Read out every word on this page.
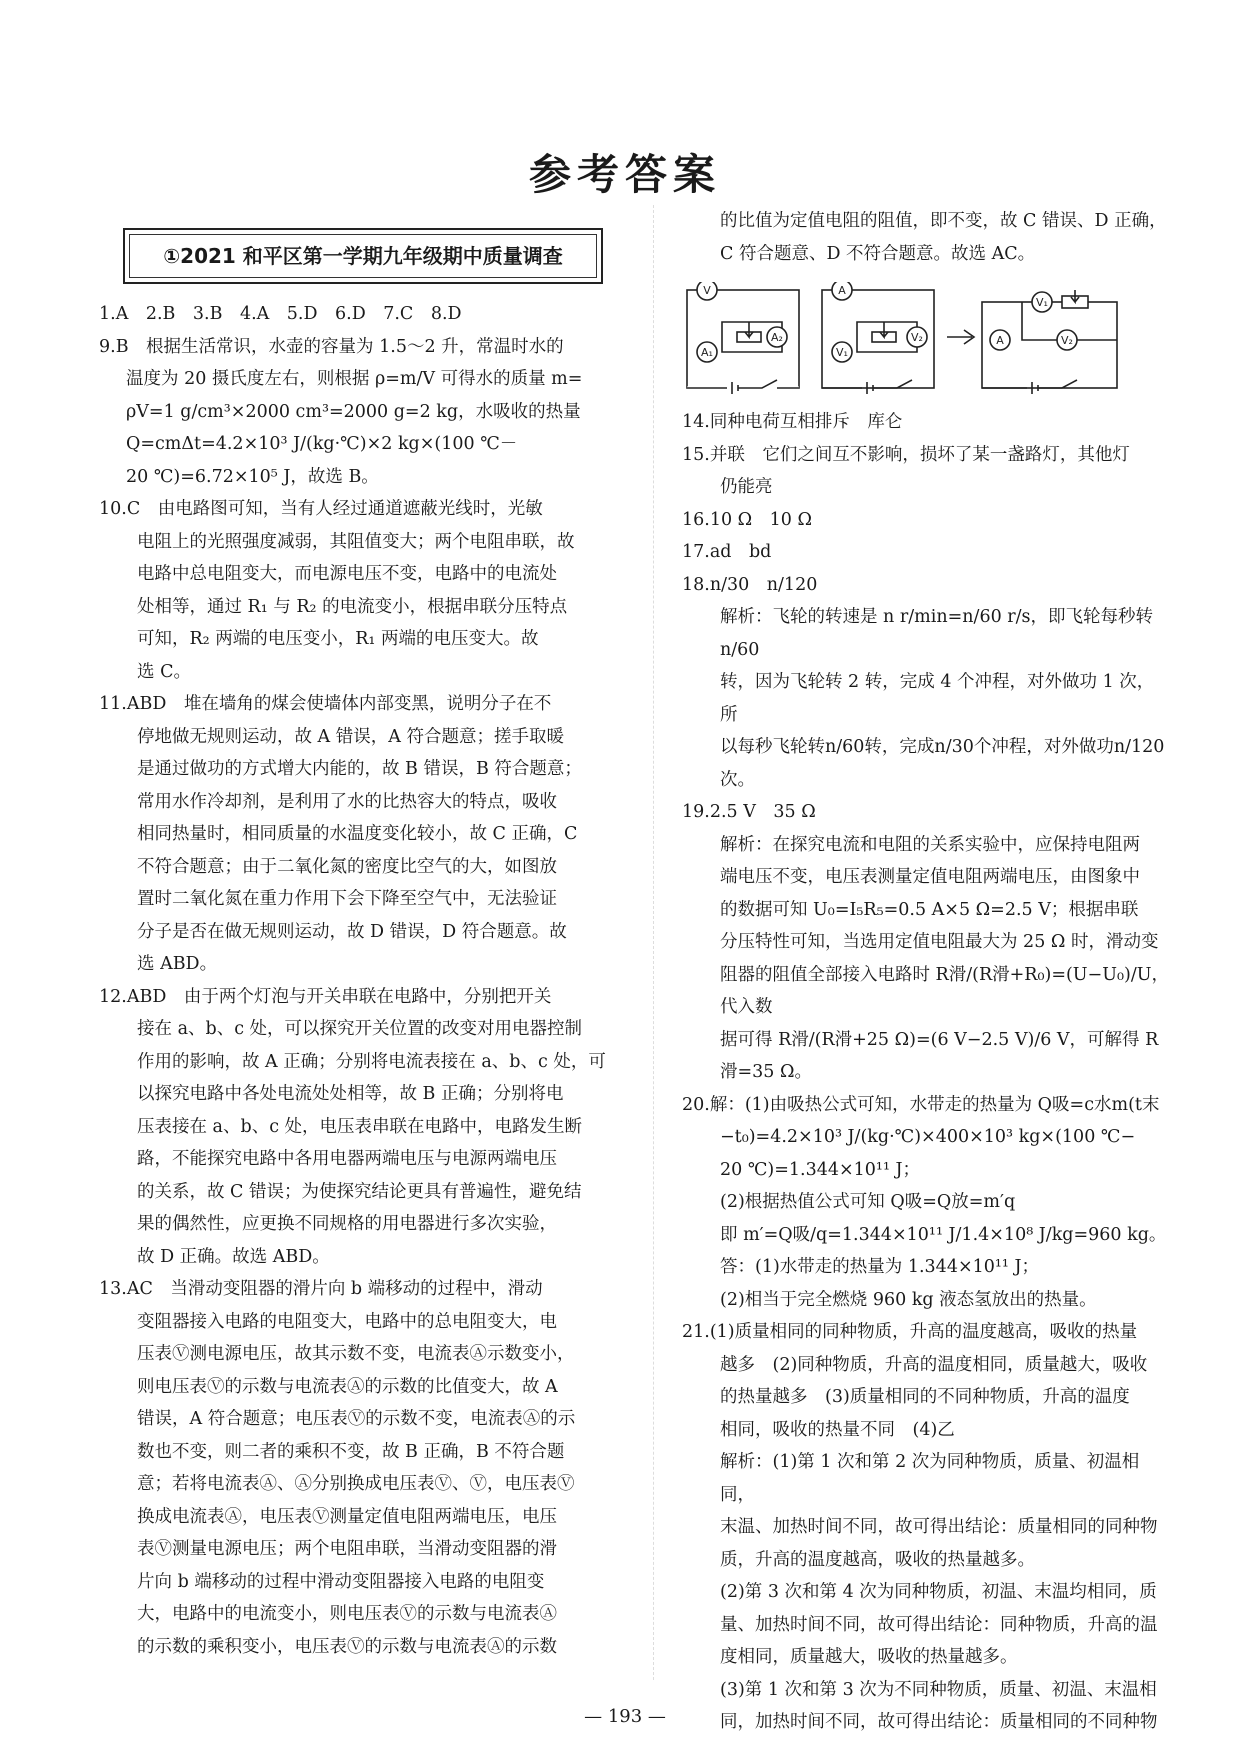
参考答案
①2021 和平区第一学期九年级期中质量调查
1.A　2.B　3.B　4.A　5.D　6.D　7.C　8.D
9.B　根据生活常识，水壶的容量为 1.5～2 升，常温时水的
温度为 20 摄氏度左右，则根据 ρ=m/V 可得水的质量 m=
ρV=1 g/cm³×2000 cm³=2000 g=2 kg，水吸收的热量
Q=cmΔt=4.2×10³ J/(kg·℃)×2 kg×(100 ℃－
20 ℃)=6.72×10⁵ J，故选 B。
10.C　由电路图可知，当有人经过通道遮蔽光线时，光敏
电阻上的光照强度减弱，其阻值变大；两个电阻串联，故
电路中总电阻变大，而电源电压不变，电路中的电流处
处相等，通过 R₁ 与 R₂ 的电流变小，根据串联分压特点
可知，R₂ 两端的电压变小，R₁ 两端的电压变大。故
选 C。
11.ABD　堆在墙角的煤会使墙体内部变黑，说明分子在不
停地做无规则运动，故 A 错误，A 符合题意；搓手取暖
是通过做功的方式增大内能的，故 B 错误，B 符合题意；
常用水作冷却剂，是利用了水的比热容大的特点，吸收
相同热量时，相同质量的水温度变化较小，故 C 正确，C
不符合题意；由于二氧化氮的密度比空气的大，如图放
置时二氧化氮在重力作用下会下降至空气中，无法验证
分子是否在做无规则运动，故 D 错误，D 符合题意。故
选 ABD。
12.ABD　由于两个灯泡与开关串联在电路中，分别把开关
接在 a、b、c 处，可以探究开关位置的改变对用电器控制
作用的影响，故 A 正确；分别将电流表接在 a、b、c 处，可
以探究电路中各处电流处处相等，故 B 正确；分别将电
压表接在 a、b、c 处，电压表串联在电路中，电路发生断
路，不能探究电路中各用电器两端电压与电源两端电压
的关系，故 C 错误；为使探究结论更具有普遍性，避免结
果的偶然性，应更换不同规格的用电器进行多次实验，
故 D 正确。故选 ABD。
13.AC　当滑动变阻器的滑片向 b 端移动的过程中，滑动
变阻器接入电路的电阻变大，电路中的总电阻变大，电
压表Ⓥ测电源电压，故其示数不变，电流表Ⓐ示数变小，
则电压表Ⓥ的示数与电流表Ⓐ的示数的比值变大，故 A
错误，A 符合题意；电压表Ⓥ的示数不变，电流表Ⓐ的示
数也不变，则二者的乘积不变，故 B 正确，B 不符合题
意；若将电流表Ⓐ、Ⓐ分别换成电压表Ⓥ、Ⓥ，电压表Ⓥ
换成电流表Ⓐ，电压表Ⓥ测量定值电阻两端电压，电压
表Ⓥ测量电源电压；两个电阻串联，当滑动变阻器的滑
片向 b 端移动的过程中滑动变阻器接入电路的电阻变
大，电路中的电流变小，则电压表Ⓥ的示数与电流表Ⓐ
的示数的乘积变小，电压表Ⓥ的示数与电流表Ⓐ的示数
的比值为定值电阻的阻值，即不变，故 C 错误、D 正确，
C 符合题意、D 不符合题意。故选 AC。
V
A₂
A₁
A
V₁
V₂	A
V₁
V₂
14.同种电荷互相排斥　库仑
15.并联　它们之间互不影响，损坏了某一盏路灯，其他灯
仍能亮
16.10 Ω　10 Ω
17.ad　bd
18.n/30　n/120
解析：飞轮的转速是 n r/min=n/60 r/s，即飞轮每秒转n/60
转，因为飞轮转 2 转，完成 4 个冲程，对外做功 1 次，所
以每秒飞轮转n/60转，完成n/30个冲程，对外做功n/120次。
19.2.5 V　35 Ω
解析：在探究电流和电阻的关系实验中，应保持电阻两
端电压不变，电压表测量定值电阻两端电压，由图象中
的数据可知 U₀=I₅R₅=0.5 A×5 Ω=2.5 V；根据串联
分压特性可知，当选用定值电阻最大为 25 Ω 时，滑动变
阻器的阻值全部接入电路时 R滑/(R滑+R₀)=(U−U₀)/U，代入数
据可得 R滑/(R滑+25 Ω)=(6 V−2.5 V)/6 V，可解得 R滑=35 Ω。
20.解：(1)由吸热公式可知，水带走的热量为 Q吸=c水m(t末
−t₀)=4.2×10³ J/(kg·℃)×400×10³ kg×(100 ℃−
20 ℃)=1.344×10¹¹ J；
(2)根据热值公式可知 Q吸=Q放=m′q
即 m′=Q吸/q=1.344×10¹¹ J/1.4×10⁸ J/kg=960 kg。
答：(1)水带走的热量为 1.344×10¹¹ J；
(2)相当于完全燃烧 960 kg 液态氢放出的热量。
21.(1)质量相同的同种物质，升高的温度越高，吸收的热量
越多　(2)同种物质，升高的温度相同，质量越大，吸收
的热量越多　(3)质量相同的不同种物质，升高的温度
相同，吸收的热量不同　(4)乙
解析：(1)第 1 次和第 2 次为同种物质，质量、初温相同，
末温、加热时间不同，故可得出结论：质量相同的同种物
质，升高的温度越高，吸收的热量越多。
(2)第 3 次和第 4 次为同种物质，初温、末温均相同，质
量、加热时间不同，故可得出结论：同种物质，升高的温
度相同，质量越大，吸收的热量越多。
(3)第 1 次和第 3 次为不同种物质，质量、初温、末温相
同，加热时间不同，故可得出结论：质量相同的不同种物
— 193 —
